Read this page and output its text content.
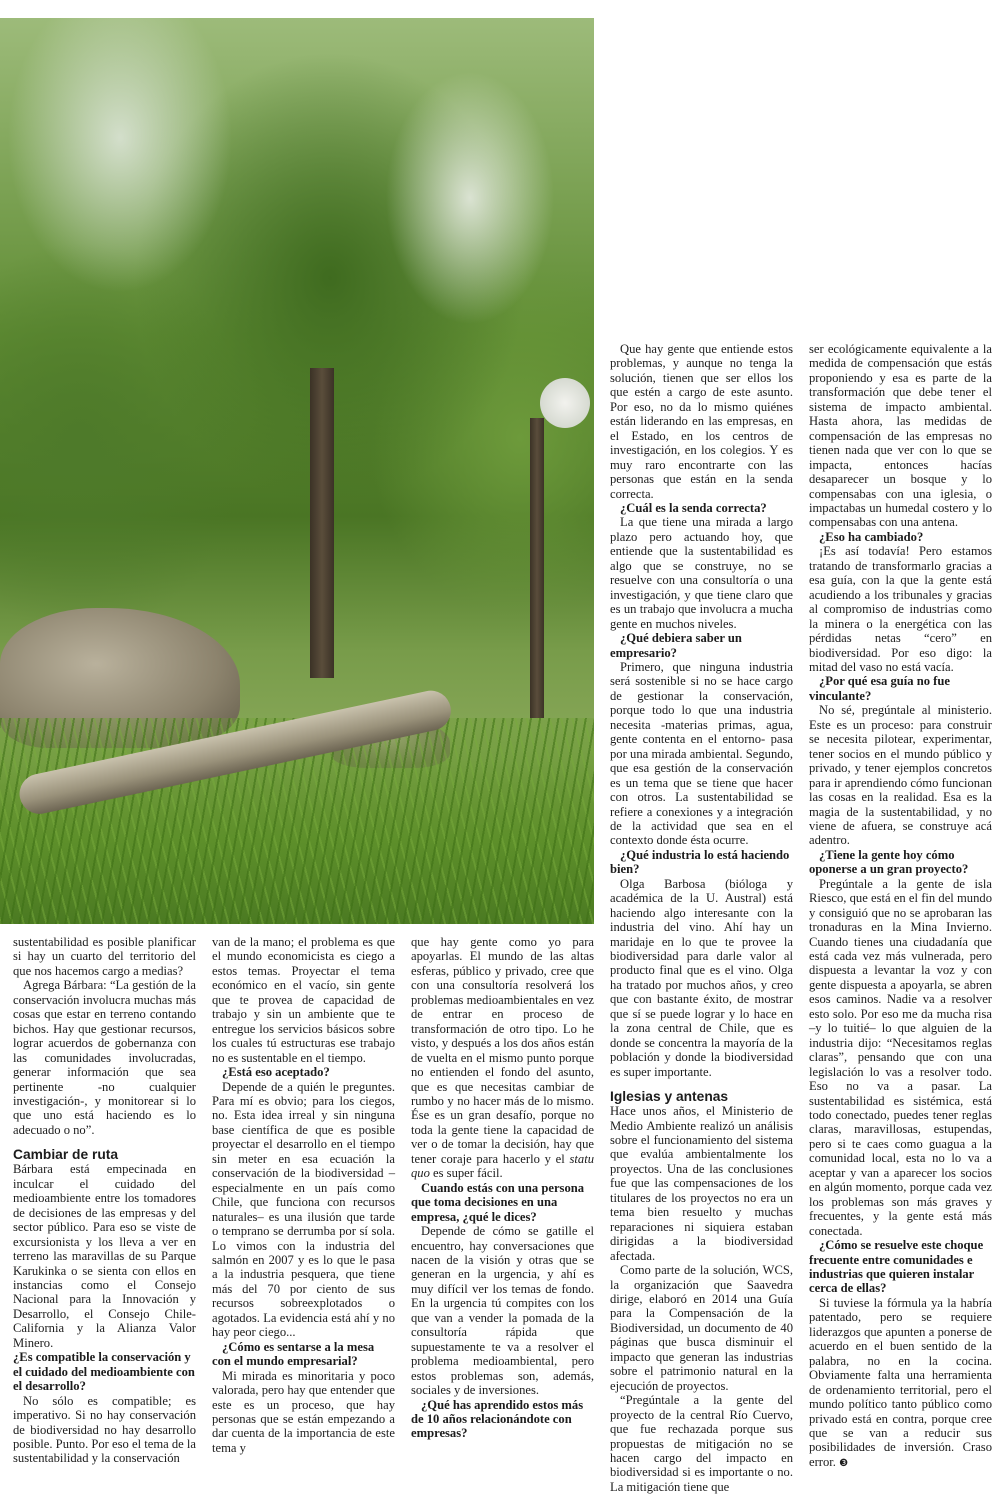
sustentabilidad es posible planificar si hay un cuarto del territorio del que nos hacemos cargo a medias?

Agrega Bárbara: “La gestión de la conservación involucra muchas más cosas que estar en terreno contando bichos. Hay que gestionar recursos, lograr acuerdos de gobernanza con las comunidades involucradas, generar información que sea pertinente -no cualquier investigación-, y monitorear si lo que uno está haciendo es lo adecuado o no”.

Cambiar de ruta

Bárbara está empecinada en inculcar el cuidado del medioambiente entre los tomadores de decisiones de las empresas y del sector público. Para eso se viste de excursionista y los lleva a ver en terreno las maravillas de su Parque Karukinka o se sienta con ellos en instancias como el Consejo Nacional para la Innovación y Desarrollo, el Consejo Chile-California y la Alianza Valor Minero.

¿Es compatible la conservación y el cuidado del medioambiente con el desarrollo?

No sólo es compatible; es imperativo. Si no hay conservación de biodiversidad no hay desarrollo posible. Punto. Por eso el tema de la sustentabilidad y la conservación

van de la mano; el problema es que el mundo economicista es ciego a estos temas. Proyectar el tema económico en el vacío, sin gente que te provea de capacidad de trabajo y sin un ambiente que te entregue los servicios básicos sobre los cuales tú estructuras ese trabajo no es sustentable en el tiempo.

¿Está eso aceptado?

Depende de a quién le preguntes. Para mí es obvio; para los ciegos, no. Esta idea irreal y sin ninguna base científica de que es posible proyectar el desarrollo en el tiempo sin meter en esa ecuación la conservación de la biodiversidad –especialmente en un país como Chile, que funciona con recursos naturales– es una ilusión que tarde o temprano se derrumba por sí sola. Lo vimos con la industria del salmón en 2007 y es lo que le pasa a la industria pesquera, que tiene más del 70 por ciento de sus recursos sobreexplotados o agotados. La evidencia está ahí y no hay peor ciego...

¿Cómo es sentarse a la mesa con el mundo empresarial?

Mi mirada es minoritaria y poco valorada, pero hay que entender que este es un proceso, que hay personas que se están empezando a dar cuenta de la importancia de este tema y

que hay gente como yo para apoyarlas. El mundo de las altas esferas, público y privado, cree que con una consultoría resolverá los problemas medioambientales en vez de entrar en proceso de transformación de otro tipo. Lo he visto, y después a los dos años están de vuelta en el mismo punto porque no entienden el fondo del asunto, que es que necesitas cambiar de rumbo y no hacer más de lo mismo. Ése es un gran desafío, porque no toda la gente tiene la capacidad de ver o de tomar la decisión, hay que tener coraje para hacerlo y el statu quo es super fácil.

Cuando estás con una persona que toma decisiones en una empresa, ¿qué le dices?

Depende de cómo se gatille el encuentro, hay conversaciones que nacen de la visión y otras que se generan en la urgencia, y ahí es muy difícil ver los temas de fondo. En la urgencia tú compites con los que van a vender la pomada de la consultoría rápida que supuestamente te va a resolver el problema medioambiental, pero estos problemas son, además, sociales y de inversiones.

¿Qué has aprendido estos más de 10 años relacionándote con empresas?

Que hay gente que entiende estos problemas, y aunque no tenga la solución, tienen que ser ellos los que estén a cargo de este asunto. Por eso, no da lo mismo quiénes están liderando en las empresas, en el Estado, en los centros de investigación, en los colegios. Y es muy raro encontrarte con las personas que están en la senda correcta.

¿Cuál es la senda correcta?

La que tiene una mirada a largo plazo pero actuando hoy, que entiende que la sustentabilidad es algo que se construye, no se resuelve con una consultoría o una investigación, y que tiene claro que es un trabajo que involucra a mucha gente en muchos niveles.

¿Qué debiera saber un empresario?

Primero, que ninguna industria será sostenible si no se hace cargo de gestionar la conservación, porque todo lo que una industria necesita -materias primas, agua, gente contenta en el entorno- pasa por una mirada ambiental. Segundo, que esa gestión de la conservación es un tema que se tiene que hacer con otros. La sustentabilidad se refiere a conexiones y a integración de la actividad que sea en el contexto donde ésta ocurre.

¿Qué industria lo está haciendo bien?

Olga Barbosa (bióloga y académica de la U. Austral) está haciendo algo interesante con la industria del vino. Ahí hay un maridaje en lo que te provee la biodiversidad para darle valor al producto final que es el vino. Olga ha tratado por muchos años, y creo que con bastante éxito, de mostrar que sí se puede lograr y lo hace en la zona central de Chile, que es donde se concentra la mayoría de la población y donde la biodiversidad es super importante.

Iglesias y antenas

Hace unos años, el Ministerio de Medio Ambiente realizó un análisis sobre el funcionamiento del sistema que evalúa ambientalmente los proyectos. Una de las conclusiones fue que las compensaciones de los titulares de los proyectos no era un tema bien resuelto y muchas reparaciones ni siquiera estaban dirigidas a la biodiversidad afectada.

Como parte de la solución, WCS, la organización que Saavedra dirige, elaboró en 2014 una Guía para la Compensación de la Biodiversidad, un documento de 40 páginas que busca disminuir el impacto que generan las industrias sobre el patrimonio natural en la ejecución de proyectos.

“Pregúntale a la gente del proyecto de la central Río Cuervo, que fue rechazada porque sus propuestas de mitigación no se hacen cargo del impacto en biodiversidad si es importante o no. La mitigación tiene que

ser ecológicamente equivalente a la medida de compensación que estás proponiendo y esa es parte de la transformación que debe tener el sistema de impacto ambiental. Hasta ahora, las medidas de compensación de las empresas no tienen nada que ver con lo que se impacta, entonces hacías desaparecer un bosque y lo compensabas con una iglesia, o impactabas un humedal costero y lo compensabas con una antena.

¿Eso ha cambiado?

¡Es así todavía! Pero estamos tratando de transformarlo gracias a esa guía, con la que la gente está acudiendo a los tribunales y gracias al compromiso de industrias como la minera o la energética con las pérdidas netas “cero” en biodiversidad. Por eso digo: la mitad del vaso no está vacía.

¿Por qué esa guía no fue vinculante?

No sé, pregúntale al ministerio. Este es un proceso: para construir se necesita pilotear, experimentar, tener socios en el mundo público y privado, y tener ejemplos concretos para ir aprendiendo cómo funcionan las cosas en la realidad. Esa es la magia de la sustentabilidad, y no viene de afuera, se construye acá adentro.

¿Tiene la gente hoy cómo oponerse a un gran proyecto?

Pregúntale a la gente de isla Riesco, que está en el fin del mundo y consiguió que no se aprobaran las tronaduras en la Mina Invierno. Cuando tienes una ciudadanía que está cada vez más vulnerada, pero dispuesta a levantar la voz y con gente dispuesta a apoyarla, se abren esos caminos. Nadie va a resolver esto solo. Por eso me da mucha risa –y lo tuitié– lo que alguien de la industria dijo: “Necesitamos reglas claras”, pensando que con una legislación lo vas a resolver todo. Eso no va a pasar. La sustentabilidad es sistémica, está todo conectado, puedes tener reglas claras, maravillosas, estupendas, pero si te caes como guagua a la comunidad local, esta no lo va a aceptar y van a aparecer los socios en algún momento, porque cada vez los problemas son más graves y frecuentes, y la gente está más conectada.

¿Cómo se resuelve este choque frecuente entre comunidades e industrias que quieren instalar cerca de ellas?

Si tuviese la fórmula ya la habría patentado, pero se requiere liderazgos que apunten a ponerse de acuerdo en el buen sentido de la palabra, no en la cocina. Obviamente falta una herramienta de ordenamiento territorial, pero el mundo político tanto público como privado está en contra, porque cree que se van a reducir sus posibilidades de inversión. Craso error. ❸
